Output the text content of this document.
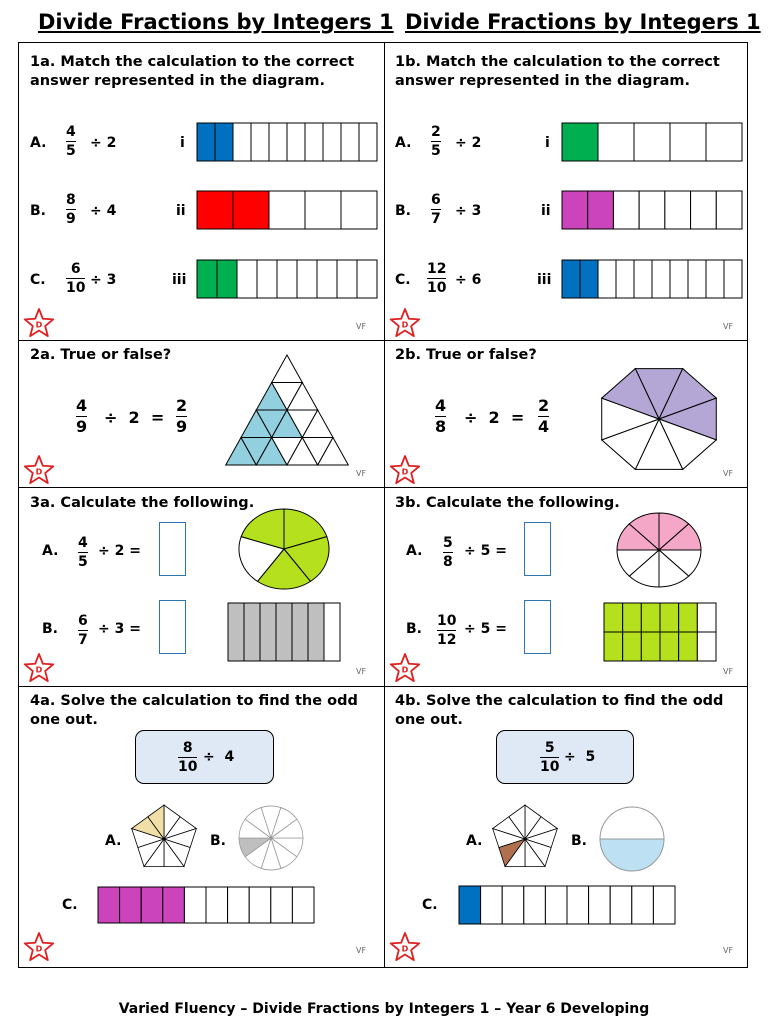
Divide Fractions by Integers 1 Divide Fractions by Integers 1
1a. Match the calculation to the correct
answer represented in the diagram.
A.
4
5 ÷ 2	i
B.
8
9 ÷ 4	ii
C.
6
10 ÷ 3	iii
1b. Match the calculation to the correct
answer represented in the diagram.
A.
2
5 ÷ 2	i
B.
6
7 ÷ 3	ii
C.
12
10 ÷ 6	iii
2a. True or false?
4
9 ÷  2  =
2
9
2b. True or false?
4
8 ÷  2  =
2
4
3a. Calculate the following.
A. 4
5
÷ 2 =
B. 6
7
÷ 3 =
3b. Calculate the following.
A. 5
8
÷ 5 =
B. 10
12
÷ 5 =
4a. Solve the calculation to find the odd
one out.
8
10
÷  4
A.	B.
C.
4b. Solve the calculation to find the odd
one out.
5
10
÷  5
A.	B.
C.
D	VF
D	VF
D	VF
D	VF
D	VF
D	VF
D	VF
D	VF
Varied Fluency – Divide Fractions by Integers 1 – Year 6 Developing
